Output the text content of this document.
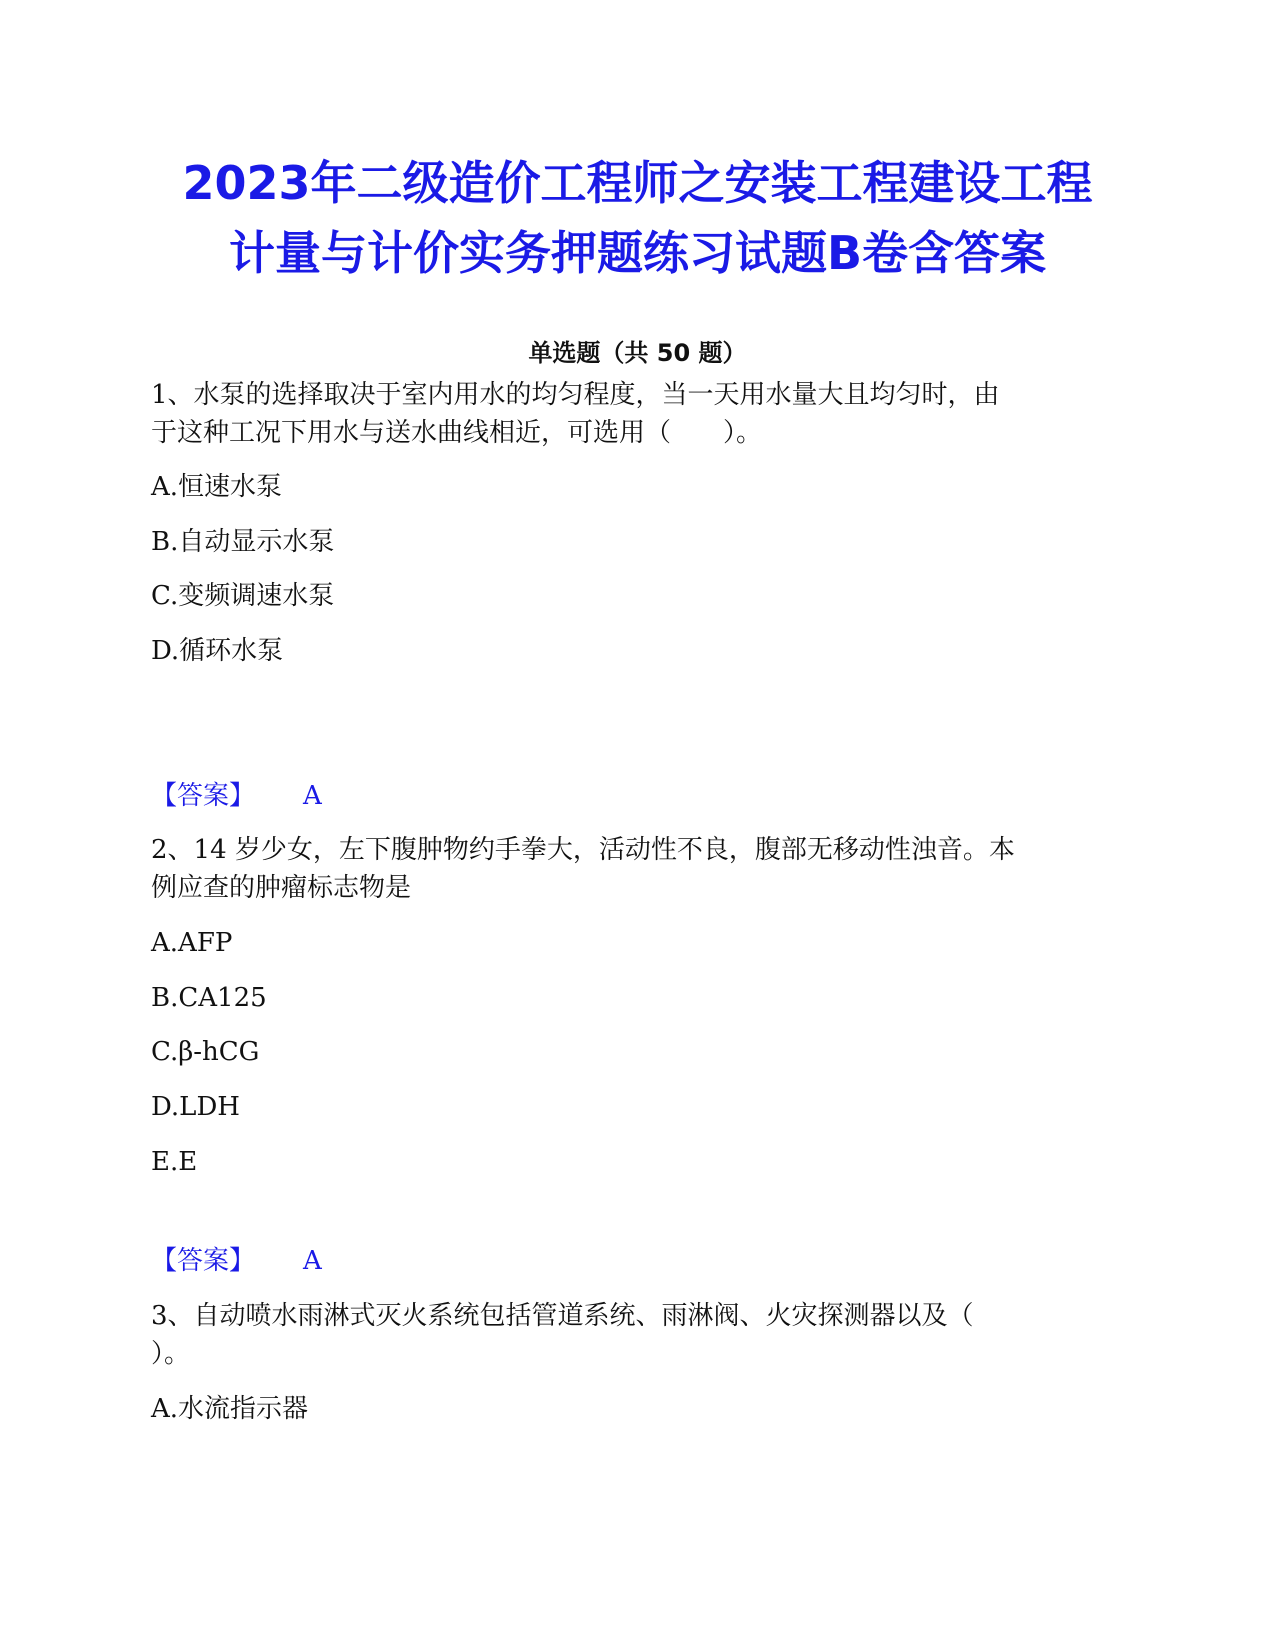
2023年二级造价工程师之安装工程建设工程
计量与计价实务押题练习试题B卷含答案
单选题（共 50 题）
1、水泵的选择取决于室内用水的均匀程度，当一天用水量大且均匀时，由
于这种工况下用水与送水曲线相近，可选用（　　）。
A.恒速水泵
B.自动显示水泵
C.变频调速水泵
D.循环水泵
【答案】 A
2、14 岁少女，左下腹肿物约手拳大，活动性不良，腹部无移动性浊音。本
例应查的肿瘤标志物是
A.AFP
B.CA125
C.β-hCG
D.LDH
E.E
【答案】 A
3、自动喷水雨淋式灭火系统包括管道系统、雨淋阀、火灾探测器以及（
）。
A.水流指示器
